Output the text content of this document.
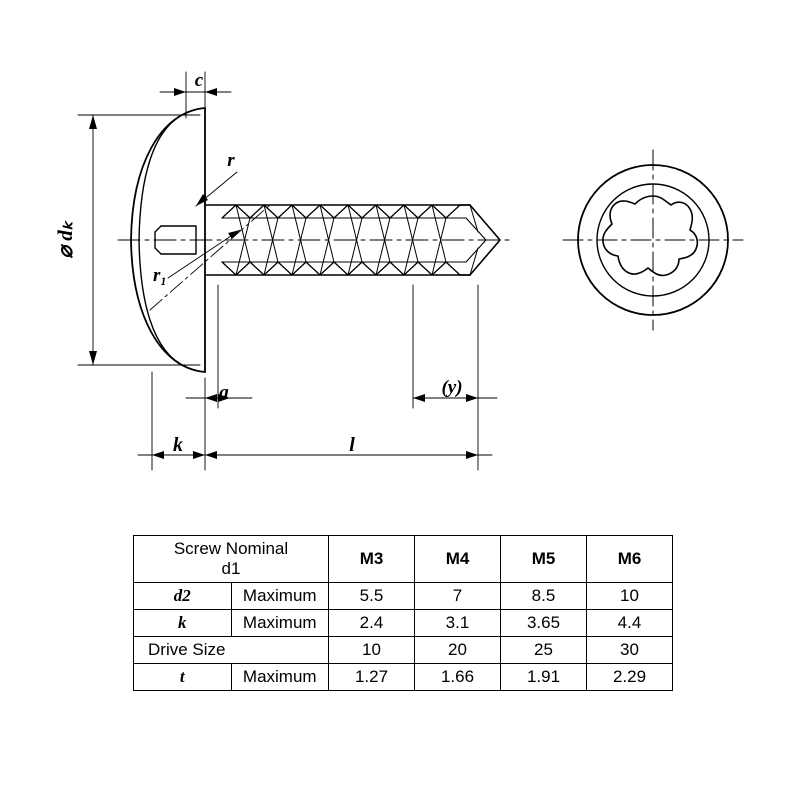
c
r
r₁
⌀ dₖ
a	(y)
k	l
Screw Nominal
d1		M3	M4	M5	M6
d2	Maximum	5.5	7	8.5	10
k	Maximum	2.4	3.1	3.65	4.4
Drive Size		10	20	25	30
t	Maximum	1.27	1.66	1.91	2.29
